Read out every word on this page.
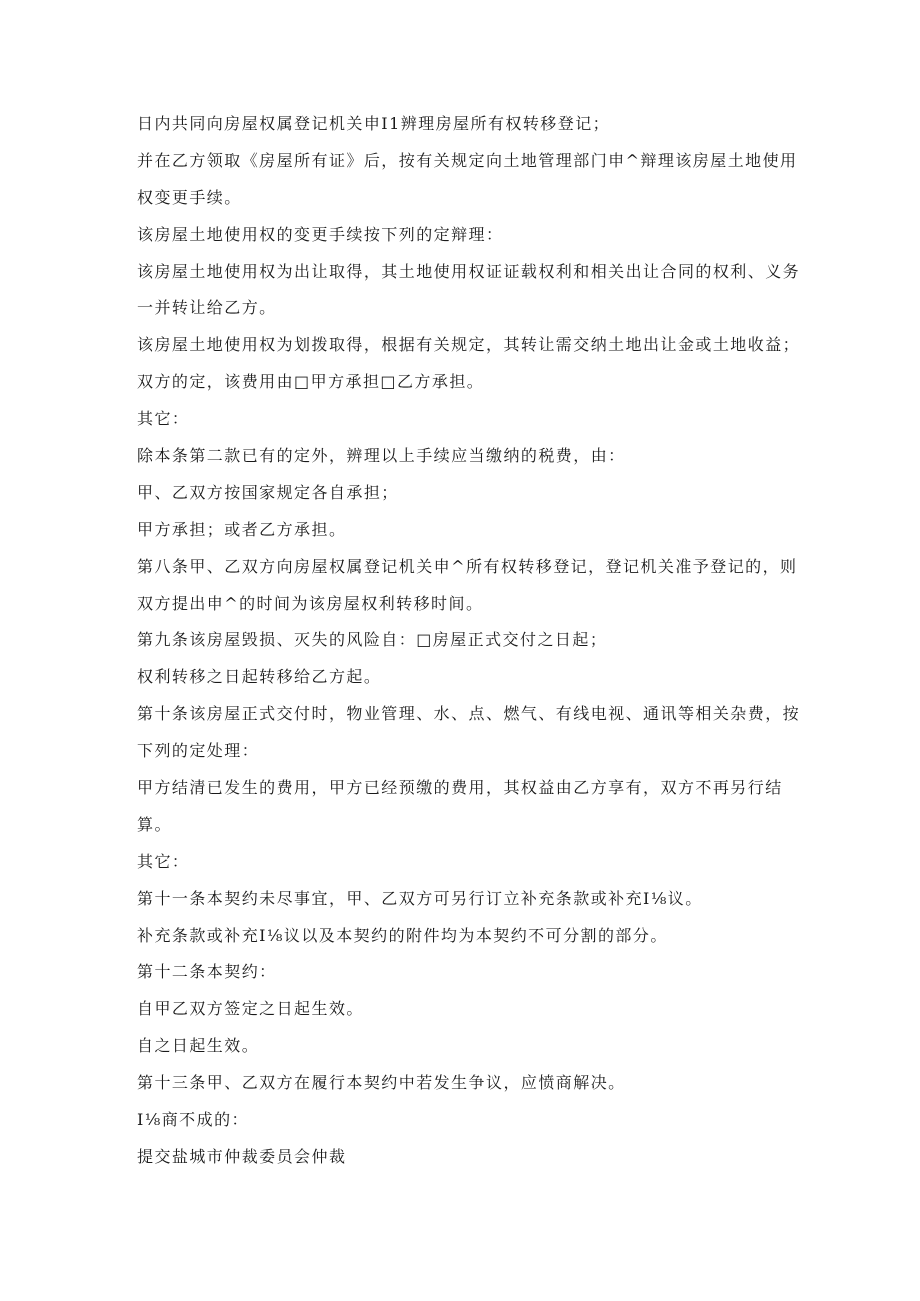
日内共同向房屋权属登记机关申I1辨理房屋所有权转移登记；
并在乙方领取《房屋所有证》后，按有关规定向土地管理部门申^辩理该房屋土地使用
权变更手续。
该房屋土地使用权的变更手续按下列的定辩理：
该房屋土地使用权为出让取得，其土地使用权证证载权利和相关出让合同的权利、义务
一并转让给乙方。
该房屋土地使用权为划拨取得，根据有关规定，其转让需交纳土地出让金或土地收益；
双方的定，该费用由□甲方承担□乙方承担。
其它：
除本条第二款已有的定外，辨理以上手续应当缴纳的税费，由：
甲、乙双方按国家规定各自承担；
甲方承担；或者乙方承担。
第八条甲、乙双方向房屋权属登记机关申^所有权转移登记，登记机关准予登记的，则
双方提出申^的时间为该房屋权利转移时间。
第九条该房屋毁损、灭失的风险自：□房屋正式交付之日起；
权利转移之日起转移给乙方起。
第十条该房屋正式交付时，物业管理、水、点、燃气、有线电视、通讯等相关杂费，按
下列的定处理：
甲方结清已发生的费用，甲方已经预缴的费用，其权益由乙方享有，双方不再另行结
算。
其它：
第十一条本契约未尽事宜，甲、乙双方可另行订立补充条款或补充I⅛议。
补充条款或补充I⅛议以及本契约的附件均为本契约不可分割的部分。
第十二条本契约：
自甲乙双方签定之日起生效。
自之日起生效。
第十三条甲、乙双方在履行本契约中若发生争议，应愤商解决。
I⅛商不成的：
提交盐城市仲裁委员会仲裁
